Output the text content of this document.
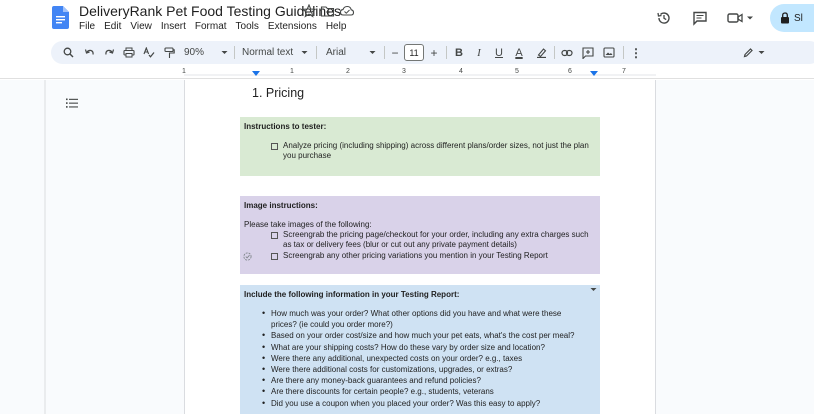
DeliveryRank Pet Food Testing Guidelines
File Edit View Insert Format Tools Extensions Help
Sl
90%	Normal text	Arial	−	11 + B	I	U A	⋮
1	1	2	3	4	5	6	7
1. Pricing
Instructions to tester:
Analyze pricing (including shipping) across different plans/order sizes, not just the plan
you purchase
Image instructions:
Please take images of the following:
Screengrab the pricing page/checkout for your order, including any extra charges such
as tax or delivery fees (blur or cut out any private payment details)
Screengrab any other pricing variations you mention in your Testing Report
Include the following information in your Testing Report:
• How much was your order? What other options did you have and what were these
prices? (ie could you order more?)
• Based on your order cost/size and how much your pet eats, what's the cost per meal?
• What are your shipping costs? How do these vary by order size and location?
• Were there any additional, unexpected costs on your order? e.g., taxes
• Were there additional costs for customizations, upgrades, or extras?
• Are there any money-back guarantees and refund policies?
• Are there discounts for certain people? e.g., students, veterans
• Did you use a coupon when you placed your order? Was this easy to apply?
